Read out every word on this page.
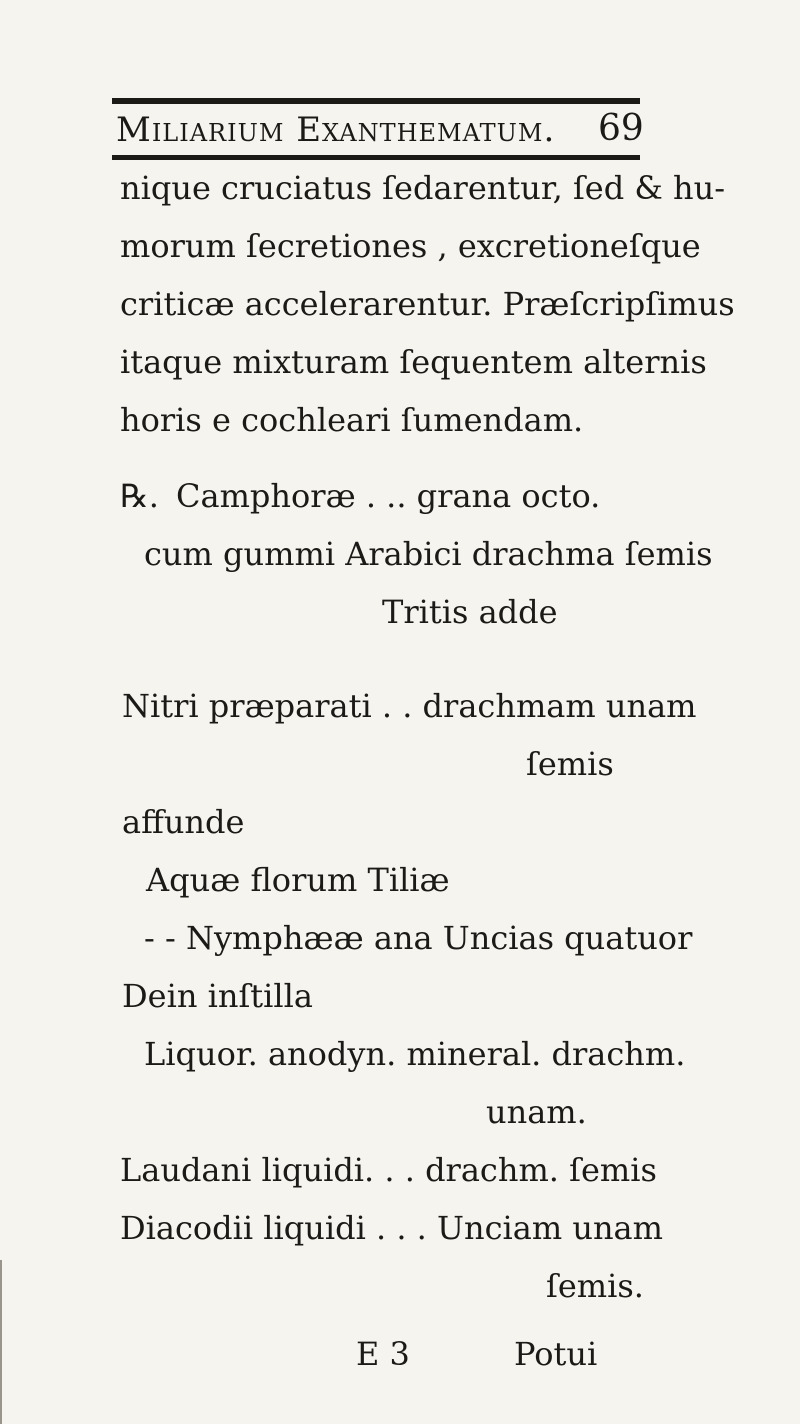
Miliarium Exanthematum. 69
nique cruciatus ſedarentur, ſed & hu-
morum ſecretiones , excretioneſque
criticæ accelerarentur. Præſcripſimus
itaque mixturam ſequentem alternis
horis e cochleari ſumendam.
℞. Camphoræ . .. grana octo.
cum gummi Arabici drachma ſemis
Tritis adde
Nitri præparati . . drachmam unam
ſemis
affunde
Aquæ florum Tiliæ
- - Nymphææ ana Uncias quatuor
Dein inſtilla
Liquor. anodyn. mineral. drachm.
unam.
Laudani liquidi. . . drachm. ſemis
Diacodii liquidi . . . Unciam unam
ſemis.
E 3	Potui
